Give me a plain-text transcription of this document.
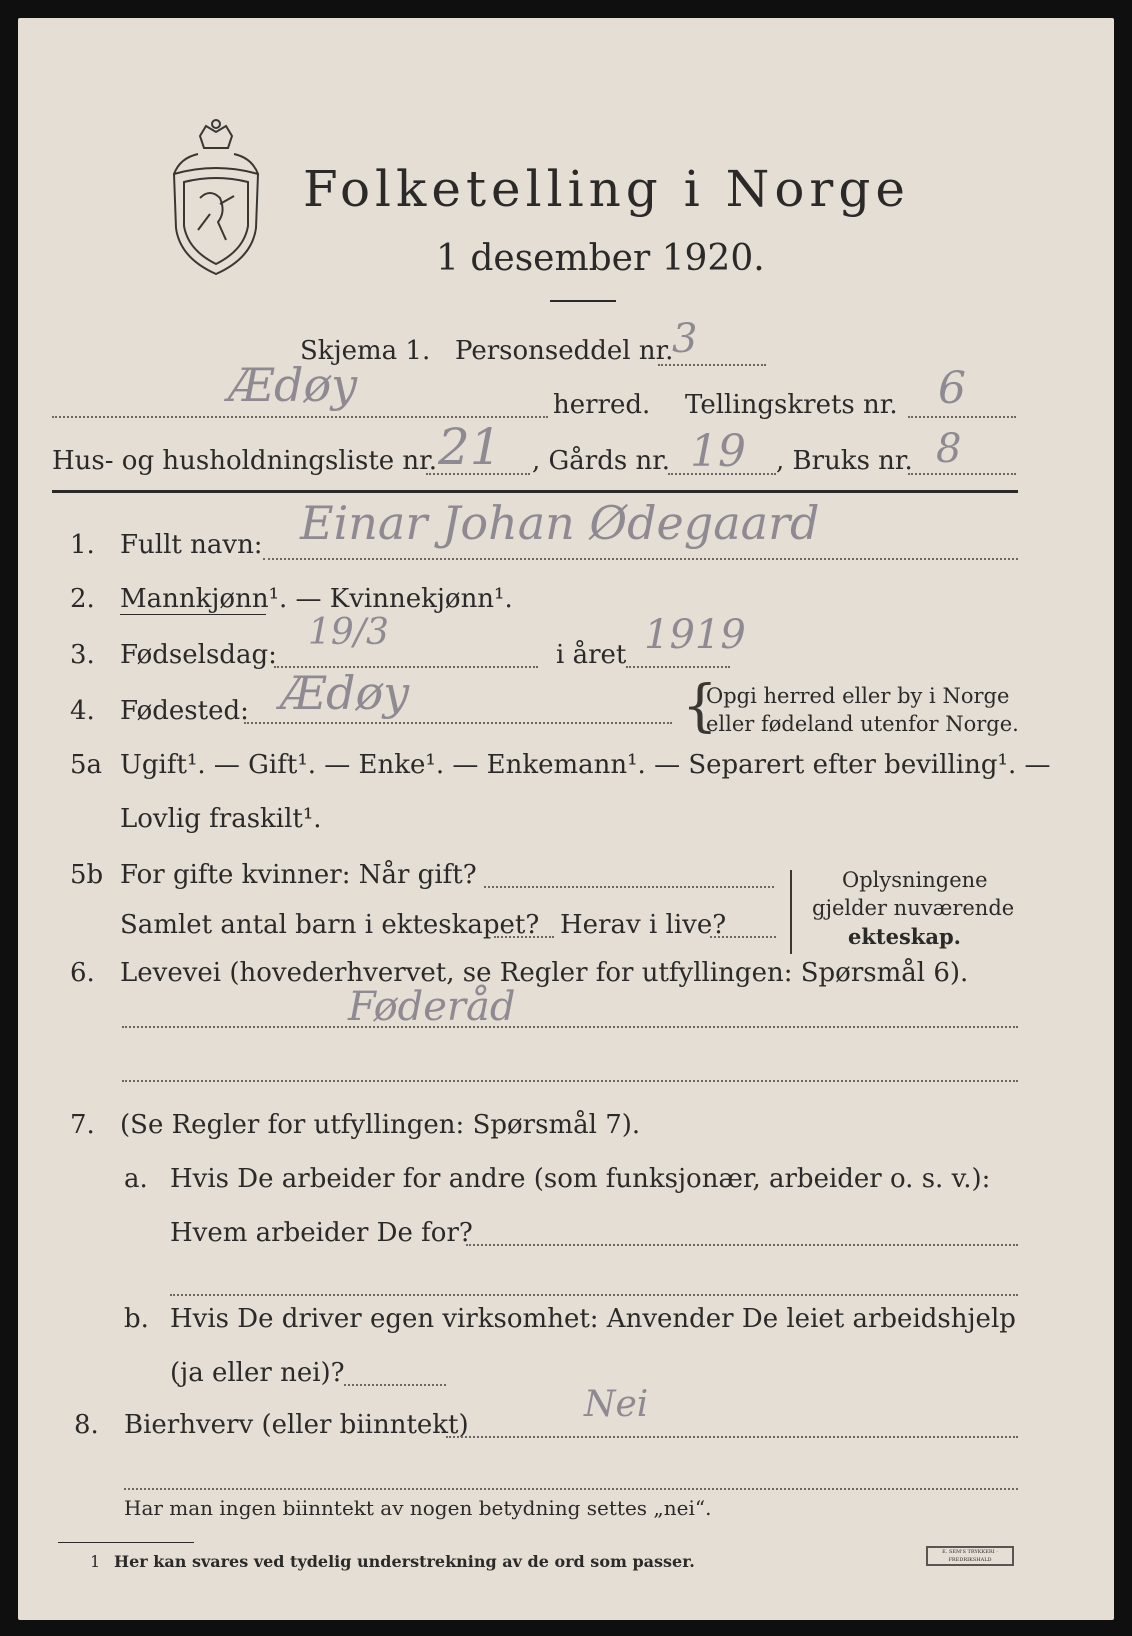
Folketelling i Norge
1 desember 1920.
Skjema 1. Personseddel nr.
3
Ædøy	herred. Tellingskrets nr. 6
Hus- og husholdningsliste nr. 21 , Gårds nr. 19 , Bruks nr. 8
1. Fullt navn: Einar Johan Ødegaard
2. Mannkjønn¹. — Kvinnekjønn¹.
3. Fødselsdag:
19/3
i året 1919
4. Fødested: Ædøy	{
Opgi herred eller by i Norge
eller fødeland utenfor Norge.
5a Ugift¹. — Gift¹. — Enke¹. — Enkemann¹. — Separert efter bevilling¹. —
Lovlig fraskilt¹.
5b For gifte kvinner: Når gift?
Samlet antal barn i ekteskapet? Herav i live?
Oplysningene
gjelder nuværende
ekteskap.
6. Levevei (hovederhvervet, se Regler for utfyllingen: Spørsmål 6).
Føderåd
7. (Se Regler for utfyllingen: Spørsmål 7).
a. Hvis De arbeider for andre (som funksjonær, arbeider o. s. v.):
Hvem arbeider De for?
b. Hvis De driver egen virksomhet: Anvender De leiet arbeidshjelp
(ja eller nei)?
8. Bierhverv (eller biinntekt)	Nei
Har man ingen biinntekt av nogen betydning settes „nei“.
1 Her kan svares ved tydelig understrekning av de ord som passer.	E. SEM'S TRYKKERI · FREDRIKSHALD
